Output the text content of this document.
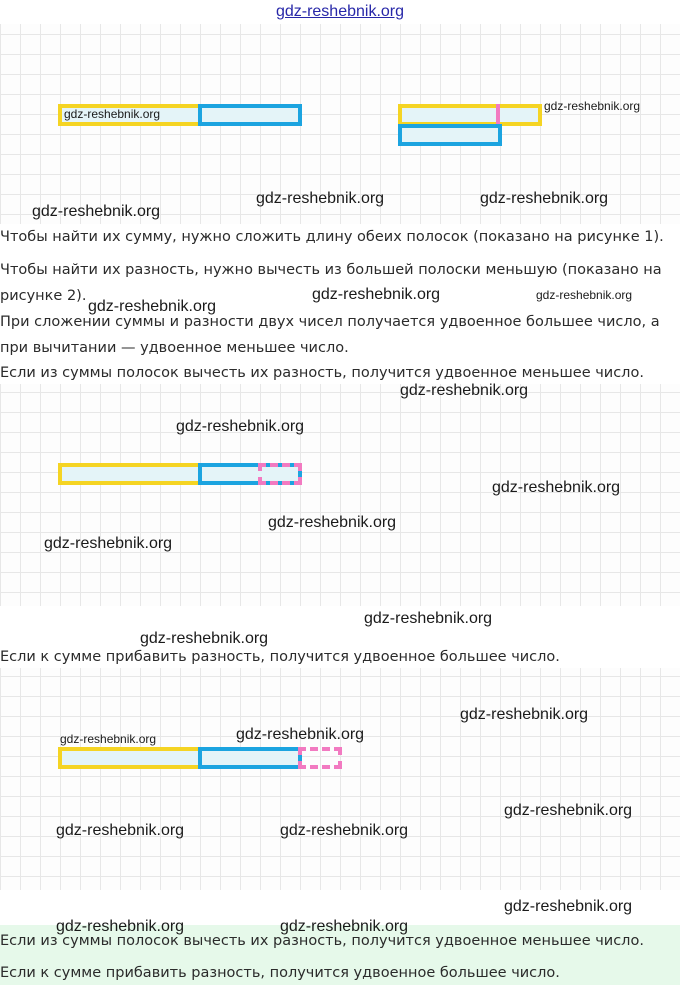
gdz-reshebnik.org
Чтобы найти их сумму, нужно сложить длину обеих полосок (показано на рисунке 1).
Чтобы найти их разность, нужно вычесть из большей полоски меньшую (показано на
рисунке 2).
При сложении суммы и разности двух чисел получается удвоенное большее число, а
при вычитании — удвоенное меньшее число.
Если из суммы полосок вычесть их разность, получится удвоенное меньшее число.
Если к сумме прибавить разность, получится удвоенное большее число.
Если из суммы полосок вычесть их разность, получится удвоенное меньшее число.
Если к сумме прибавить разность, получится удвоенное большее число.
gdz-reshebnik.org
gdz-reshebnik.org
gdz-reshebnik.org	gdz-reshebnik.org
gdz-reshebnik.org
gdz-reshebnik.org	gdz-reshebnik.org
gdz-reshebnik.org
gdz-reshebnik.org
gdz-reshebnik.org
gdz-reshebnik.org
gdz-reshebnik.org
gdz-reshebnik.org
gdz-reshebnik.org
gdz-reshebnik.org
gdz-reshebnik.org
gdz-reshebnik.org	gdz-reshebnik.org
gdz-reshebnik.org
gdz-reshebnik.org	gdz-reshebnik.org
gdz-reshebnik.org
gdz-reshebnik.org	gdz-reshebnik.org
